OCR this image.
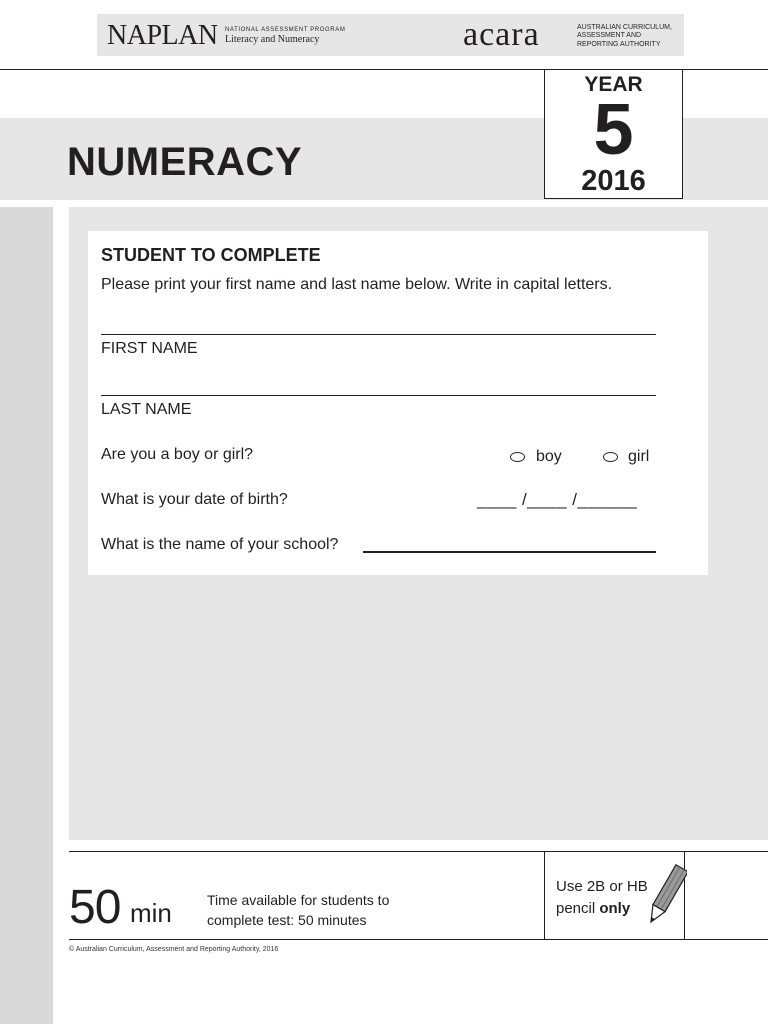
NAPLAN NATIONAL ASSESSMENT PROGRAM
Literacy and Numeracy	acara	AUSTRALIAN CURRICULUM,
ASSESSMENT AND
REPORTING AUTHORITY
NUMERACY
YEAR
5
2016
STUDENT TO COMPLETE
Please print your first name and last name below. Write in capital letters.
FIRST NAME
LAST NAME
Are you a boy or girl?	boy	girl
What is your date of birth?	____ /____ /______
What is the name of your school?
50 min	Time available for students to
complete test: 50 minutes
Use 2B or HB
pencil only
© Australian Curriculum, Assessment and Reporting Authority, 2016
